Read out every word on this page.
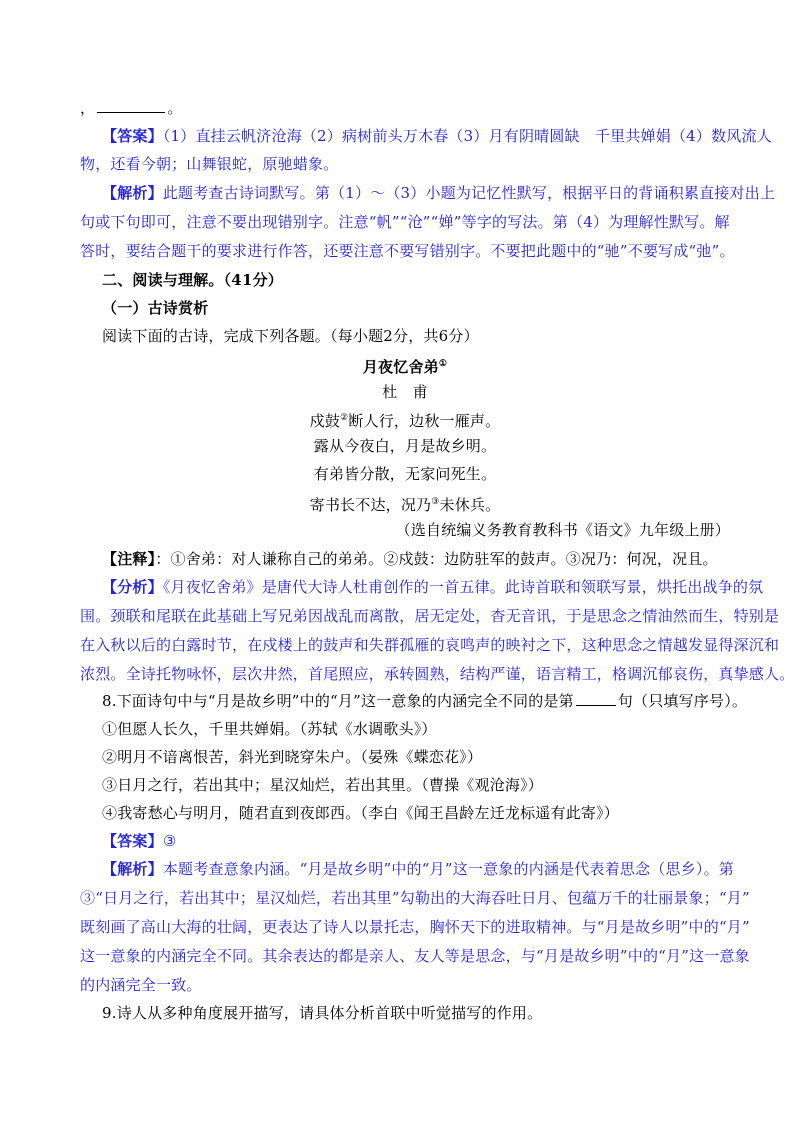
，	。
【答案】（1）直挂云帆济沧海（2）病树前头万木春（3）月有阴晴圆缺　千里共婵娟（4）数风流人
物，还看今朝；山舞银蛇，原驰蜡象。
【解析】此题考查古诗词默写。第（1）～（3）小题为记忆性默写，根据平日的背诵积累直接对出上
句或下句即可，注意不要出现错别字。注意“帆”“沧”“婵”等字的写法。第（4）为理解性默写。解
答时，要结合题干的要求进行作答，还要注意不要写错别字。不要把此题中的“驰”不要写成“弛”。
二、阅读与理解。（41分）
（一）古诗赏析
阅读下面的古诗，完成下列各题。（每小题2分，共6分）
月夜忆舍弟①
杜　甫
戍鼓②断人行，边秋一雁声。
露从今夜白，月是故乡明。
有弟皆分散，无家问死生。
寄书长不达，况乃③未休兵。
（选自统编义务教育教科书《语文》九年级上册）
【注释】：①舍弟：对人谦称自己的弟弟。②戍鼓：边防驻军的鼓声。③况乃：何况，况且。
【分析】《月夜忆舍弟》是唐代大诗人杜甫创作的一首五律。此诗首联和领联写景，烘托出战争的氛
围。颈联和尾联在此基础上写兄弟因战乱而离散，居无定处，杳无音讯，于是思念之情油然而生，特别是
在入秋以后的白露时节，在戍楼上的鼓声和失群孤雁的哀鸣声的映衬之下，这种思念之情越发显得深沉和
浓烈。全诗托物咏怀，层次井然，首尾照应，承转圆熟，结构严谨，语言精工，格调沉郁哀伤，真挚感人。
8.下面诗句中与“月是故乡明”中的“月”这一意象的内涵完全不同的是第	句（只填写序号）。
①但愿人长久，千里共婵娟。（苏轼《水调歌头》）
②明月不谙离恨苦，斜光到晓穿朱户。（晏殊《蝶恋花》）
③日月之行，若出其中；星汉灿烂，若出其里。（曹操《观沧海》）
④我寄愁心与明月，随君直到夜郎西。（李白《闻王昌龄左迁龙标遥有此寄》）
【答案】③
【解析】本题考查意象内涵。“月是故乡明”中的“月”这一意象的内涵是代表着思念（思乡）。第
③“日月之行，若出其中；星汉灿烂，若出其里”勾勒出的大海吞吐日月、包蕴万千的壮丽景象；“月”
既刻画了高山大海的壮阔，更表达了诗人以景托志，胸怀天下的进取精神。与“月是故乡明”中的“月”
这一意象的内涵完全不同。其余表达的都是亲人、友人等是思念，与“月是故乡明”中的“月”这一意象
的内涵完全一致。
9.诗人从多种角度展开描写，请具体分析首联中听觉描写的作用。
